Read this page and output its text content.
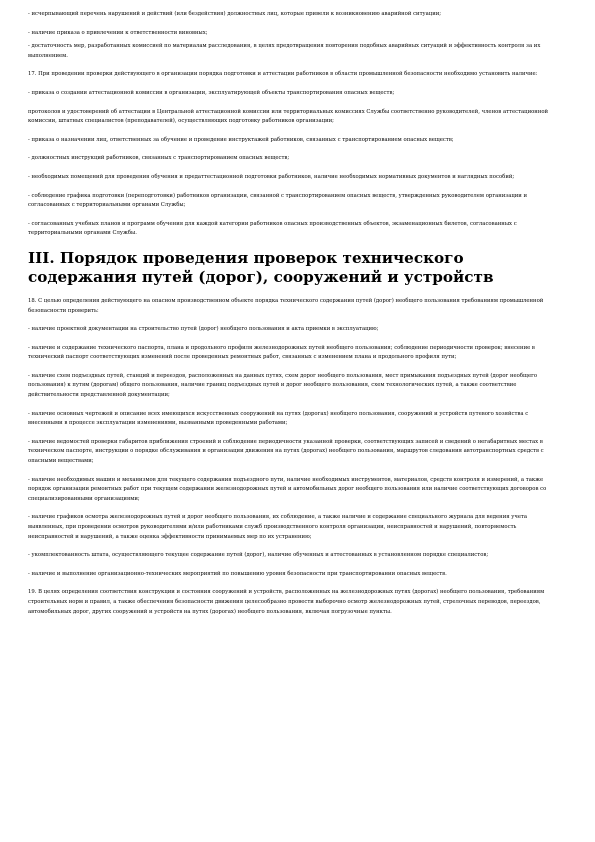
- исчерпывающий перечень нарушений и действий (или бездействия) должностных лиц, которые привели к возникновению аварийной ситуации;

- наличие приказа о привлечении к ответственности виновных;

- достаточность мер, разработанных комиссией по материалам расследования, в целях предотвращения повторения подобных аварийных ситуаций и эффективность контроля за их выполнением.

17. При проведении проверки действующего в организации порядка подготовки и аттестации работников в области промышленной безопасности необходимо установить наличие:

- приказа о создании аттестационной комиссии в организации, эксплуатирующей объекты транспортирования опасных веществ;

протоколов и удостоверений об аттестации в Центральной аттестационной комиссии или территориальных комиссиях Службы соответственно руководителей, членов аттестационной комиссии, штатных специалистов (преподавателей), осуществляющих подготовку работников организации;

- приказа о назначении лиц, ответственных за обучение и проведение инструктажей работников, связанных с транспортированием опасных веществ;

- должностных инструкций работников, связанных с транспортированием опасных веществ;

- необходимых помещений для проведения обучения и предаттестационной подготовки работников, наличие необходимых нормативных документов и наглядных пособий;

- соблюдение графика подготовки (переподготовки) работников организации, связанной с транспортированием опасных веществ, утвержденных руководителем организации и согласованных с территориальными органами Службы;

- согласованных учебных планов и программ обучения для каждой категории работников опасных производственных объектов, экзаменационных билетов, согласованных с территориальными органами Службы.

III. Порядок проведения проверок технического содержания путей (дорог), сооружений и устройств

18. С целью определения действующего на опасном производственном объекте порядка технического содержания путей (дорог) необщего пользования требованиям промышленной безопасности проверить:

- наличие проектной документации на строительство путей (дорог) необщего пользования и акта приемки в эксплуатацию;

- наличие и содержание технического паспорта, плана и продольного профиля железнодорожных путей необщего пользования; соблюдение периодичности проверок; внесение в технический паспорт соответствующих изменений после проведенных ремонтных работ, связанных с изменением плана и продольного профиля пути;

- наличие схем подъездных путей, станций и переездов, расположенных на данных путях, схем дорог необщего пользования, мест примыкания подъездных путей (дорог необщего пользования) к путям (дорогам) общего пользования, наличие границ подъездных путей и дорог необщего пользования, схем технологических путей, а также соответствие действительности представленной документации;

- наличие основных чертежей и описание всех имеющихся искусственных сооружений на путях (дорогах) необщего пользования, сооружений и устройств путевого хозяйства с внесенными в процессе эксплуатации изменениями, вызванными проведенными работами;

- наличие ведомостей проверки габаритов приближения строений и соблюдение периодичности указанной проверки, соответствующих записей и сведений о негабаритных местах в техническом паспорте, инструкции о порядке обслуживания и организации движения на путях (дорогах) необщего пользования, маршрутов следования автотранспортных средств с опасными веществами;

- наличие необходимых машин и механизмов для текущего содержания подъездного пути, наличие необходимых инструментов, материалов, средств контроля и измерений, а также порядок организации ремонтных работ при текущем содержании железнодорожных путей и автомобильных дорог необщего пользования или наличие соответствующих договоров со специализированными организациями;

- наличие графиков осмотра железнодорожных путей и дорог необщего пользования, их соблюдение, а также наличие и содержание специального журнала для ведения учета выявленных, при проведении осмотров руководителями и/или работниками служб производственного контроля организации, неисправностей и нарушений, повторяемость неисправностей и нарушений, а также оценка эффективности принимаемых мер по их устранению;

- укомплектованность штата, осуществляющего текущее содержание путей (дорог), наличие обученных и аттестованных в установленном порядке специалистов;

- наличие и выполнение организационно-технических мероприятий по повышению уровня безопасности при транспортировании опасных веществ.

19. В целях определения соответствия конструкции и состояния сооружений и устройств, расположенных на железнодорожных путях (дорогах) необщего пользования, требованиям строительных норм и правил, а также обеспечения безопасности движения целесообразно провести выборочно осмотр железнодорожных путей, стрелочных переводов, переездов, автомобильных дорог, других сооружений и устройств на путях (дорогах) необщего пользования, включая погрузочные пункты.
